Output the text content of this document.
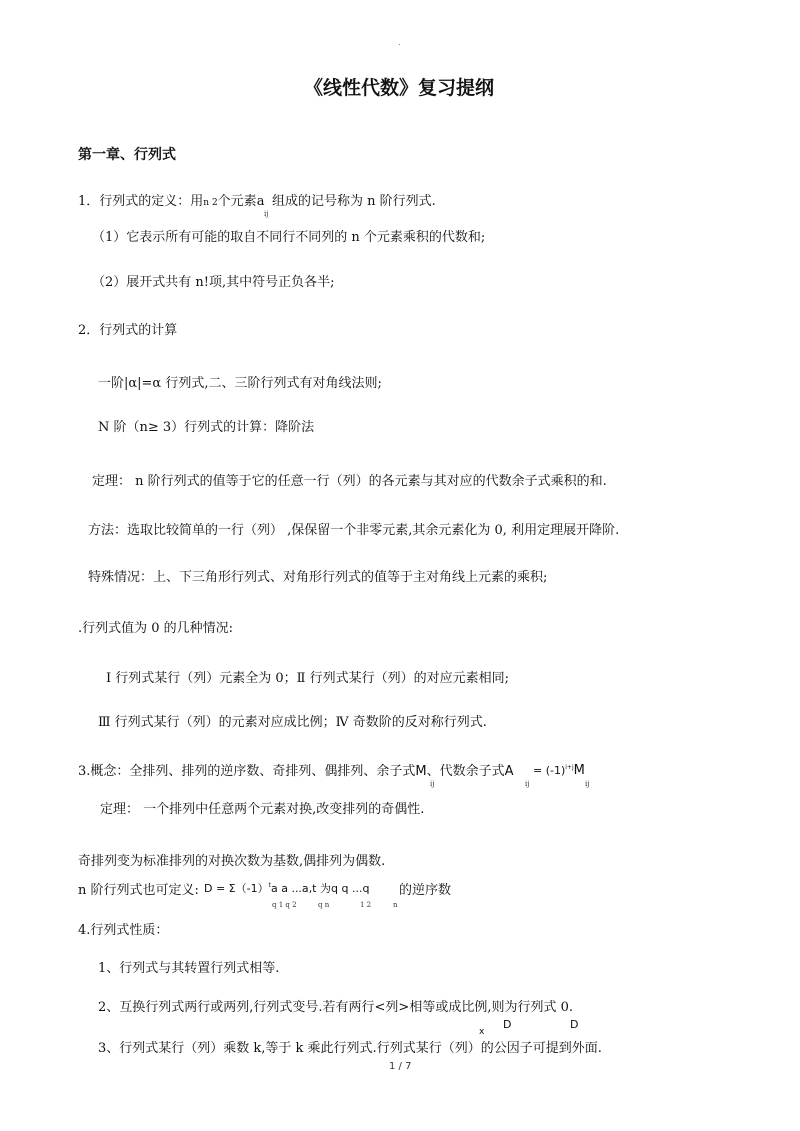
.
《线性代数》复习提纲
第一章、行列式
1．行列式的定义：用n 2个元素a
ij
组成的记号称为 n 阶行列式.
（1）它表示所有可能的取自不同行不同列的 n 个元素乘积的代数和;
（2）展开式共有 n!项,其中符号正负各半;
2．行列式的计算
一阶|α|=α 行列式,二、三阶行列式有对角线法则;
N 阶（n≥ 3）行列式的计算：降阶法
定理： n 阶行列式的值等于它的任意一行（列）的各元素与其对应的代数余子式乘积的和.
方法：选取比较简单的一行（列） ,保保留一个非零元素,其余元素化为 0, 利用定理展开降阶.
特殊情况：上、下三角形行列式、对角形行列式的值等于主对角线上元素的乘积;
.行列式值为 0 的几种情况:
Ⅰ 行列式某行（列）元素全为 0；Ⅱ 行列式某行（列）的对应元素相同;
Ⅲ 行列式某行（列）的元素对应成比例；Ⅳ 奇数阶的反对称行列式.
3.概念：全排列、排列的逆序数、奇排列、偶排列、余子式M、代数余子式A
ij	ij
= $(-1)^{i+j}M$
ij
定理： 一个排列中任意两个元素对换,改变排列的奇偶性.
奇排列变为标准排列的对换次数为基数,偶排列为偶数.
n 阶行列式也可定义: $D = \Sigma(-1)^ta$ a ...a,t 为q q ...q 的逆序数
q 1 q 2	q n	1 2	n
4.行列式性质：
1、行列式与其转置行列式相等.
2、互换行列式两行或两列,行列式变号.若有两行<列>相等或成比例,则为行列式 0.
D	D
x
3、行列式某行（列）乘数 k,等于 k 乘此行列式.行列式某行（列）的公因子可提到外面.
1 / 7
